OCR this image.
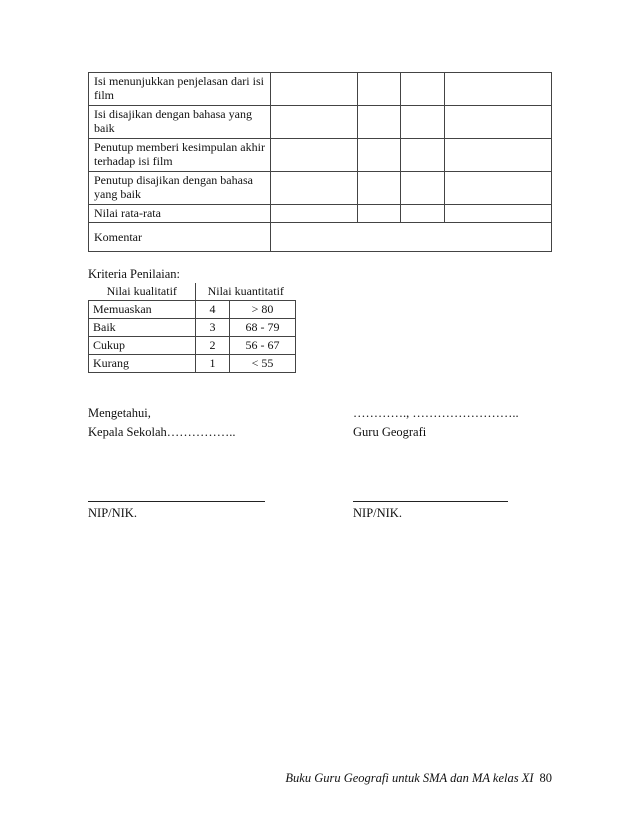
Isi menunjukkan penjelasan dari isi film				
Isi disajikan dengan bahasa yang baik				
Penutup memberi kesimpulan akhir terhadap isi film				
Penutup disajikan dengan bahasa yang baik				
Nilai rata-rata				
Komentar				
Kriteria Penilaian:
Nilai kualitatif	Nilai kuantitatif	
Memuaskan	4	> 80
Baik	3	68 - 79
Cukup	2	56 - 67
Kurang	1	< 55
Mengetahui,
Kepala Sekolah……………..
NIP/NIK.
…………., ……………………..
Guru Geografi
NIP/NIK.
Buku Guru Geografi untuk SMA dan MA kelas XI 80
